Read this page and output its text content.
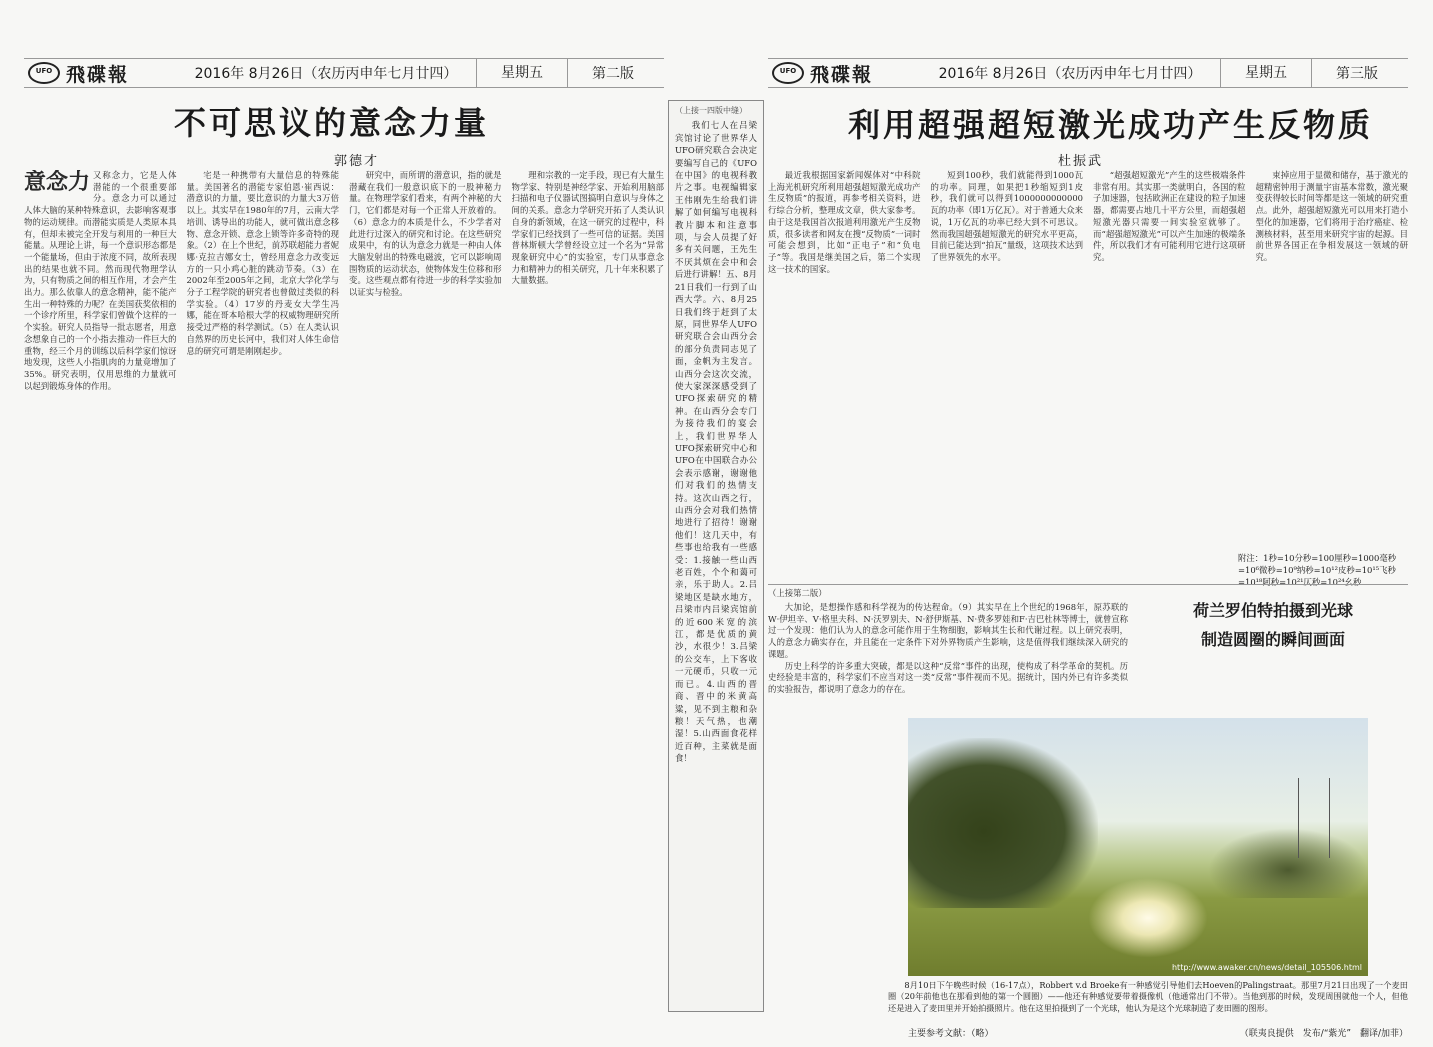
UFO 飛碟報	2016年 8月26日（农历丙申年七月廿四）	星期五	第二版
不可思议的意念力量
郭德才

意念力 又称念力，它是人体潜能的一个很重要部分。意念力可以通过人体大脑的某种特殊意识，去影响客观事物的运动规律。而潜能实质是人类原本具有，但却未被完全开发与利用的一种巨大能量。从理论上讲，每一个意识形态都是一个能量场，但由于浓度不同，故所表现出的结果也就不同。然而现代物理学认为，只有物质之间的相互作用，才会产生出力。那么依靠人的意念精神，能不能产生出一种特殊的力呢？在美国获奖依相的一个诊疗所里，科学家们曾做个这样的一个实验。研究人员指导一批志愿者，用意念想象自己的一个小指去推动一件巨大的重物，经三个月的训练以后科学家们惊讶地发现，这些人小指肌肉的力量竟增加了35%。研究表明，仅用思维的力量就可以起到锻炼身体的作用。

宅是一种携带有大量信息的特殊能量。美国著名的潜能专家伯恩·崔西说：潜意识的力量，要比意识的力量大3万倍以上。其实早在1980年的7月，云南大学培训、诱导出的功能人，就可做出意念移物、意念开锁、意念上锁等许多奇特的现象。（2）在上个世纪，前苏联超能力者妮娜·克拉吉娜女士，曾经用意念力改变远方的一只小鸡心脏的跳动节奏。（3）在2002年至2005年之间，北京大学化学与分子工程学院的研究者也曾做过类似的科学实验。（4）17岁的丹麦女大学生冯娜，能在哥本哈根大学的权威物理研究所接受过严格的科学测试。（5）在人类认识自然界的历史长河中，我们对人体生命信息的研究可谓是刚刚起步。

研究中，而所谓的潜意识，指的就是潜藏在我们一般意识底下的一股神秘力量。在物理学家们看来，有两个神秘的大门，它们都是对每一个正常人开放着的。（6）意念力的本质是什么，不少学者对此进行过深入的研究和讨论。在这些研究成果中，有的认为意念力就是一种由人体大脑发射出的特殊电磁波，它可以影响周围物质的运动状态，使物体发生位移和形变。这些观点都有待进一步的科学实验加以证实与检验。

理和宗教的一定手段，现已有大量生物学家、特别是神经学家、开始利用脑部扫描和电子仪器试图搞明白意识与身体之间的关系。意念力学研究开拓了人类认识自身的新领域，在这一研究的过程中，科学家们已经找到了一些可信的证据。美国普林斯顿大学曾经设立过一个名为“异常现象研究中心”的实验室，专门从事意念力和精神力的相关研究，几十年来积累了大量数据。

（上接一四版中缝）

我们七人在吕梁宾馆讨论了世界华人UFO研究联合会决定要编写自己的《UFO在中国》的电视科教片之事。电视编辑家王伟刚先生给我们讲解了如何编写电视科教片脚本和注意事项，与会人员提了好多有关问题，王先生不厌其烦在会中和会后进行讲解！五、8月21日我们一行到了山西大学。六、8月25日我们终于赶到了太原，同世界华人UFO研究联合会山西分会的部分负责同志见了面，金帆为主发言。山西分会这次交流，使大家深深感受到了UFO探索研究的精神。在山西分会专门为接待我们的宴会上，我们世界华人UFO探索研究中心和UFO在中国联合办公会表示感谢，谢谢他们对我们的热情支持。这次山西之行，山西分会对我们热情地进行了招待！谢谢他们！这几天中，有些事也给我有一些感受：1.接触一些山西老百姓，个个和蔼可亲，乐于助人。2.吕梁地区是缺水地方，吕梁市内吕梁宾馆前的近600米宽的滨江，都是优质的黄沙，水很少！3.吕梁的公交车，上下客收一元硬币，只收一元而已。4.山西的晋商、晋中的米黄高粱，见不到主粮和杂粮！天气热，也潮湿！5.山西面食花样近百种，主菜就是面食！

UFO 飛碟報	2016年 8月26日（农历丙申年七月廿四）	星期五	第三版
利用超强超短激光成功产生反物质
杜振武

最近我根据国家新闻媒体对“中科院上海光机研究所利用超强超短激光成功产生反物质”的报道，再参考相关资料，进行综合分析，整理成文章，供大家参考。由于这是我国首次报道利用激光产生反物质，很多读者和网友在搜“反物质”一词时可能会想到，比如“正电子”和“负电子”等。我国是继美国之后，第二个实现这一技术的国家。

短到100秒，我们就能得到1000瓦的功率。同理，如果把1秒缩短到1皮秒，我们就可以得到1000000000000瓦的功率（即1万亿瓦）。对于普通大众来说，1万亿瓦的功率已经大到不可思议。然而我国超强超短激光的研究水平更高，目前已能达到“拍瓦”量级，这项技术达到了世界领先的水平。

“超强超短激光”产生的这些极端条件非常有用。其实那一类就明白，各国的粒子加速器，包括欧洲正在建设的粒子加速器，都需要占地几十平方公里，而超强超短激光器只需要一间实验室就够了。而“超强超短激光”可以产生加速的极端条件，所以我们才有可能利用它进行这项研究。

束掉应用于显微和储存，基于激光的超精密钟用于测量宇宙基本常数，激光聚变获得较长时间等都是这一领域的研究重点。此外，超强超短激光可以用来打造小型化的加速器，它们将用于治疗癌症、检测核材料，甚至用来研究宇宙的起源。目前世界各国正在争相发展这一领域的研究。

附注：1秒=10分秒=100厘秒=1000毫秒=10⁶微秒=10⁹纳秒=10¹²皮秒=10¹⁵飞秒=10¹⁸阿秒=10²¹仄秒=10²⁴幺秒
（上接第二版）

大加论，是想操作感和科学视为的传达程命。（9）其实早在上个世纪的1968年，原苏联的W·伊坦辛、V·格里夫科、N·沃罗别夫、N·舒伊斯基、N·费多罗娃和F·吉巴杜林等博士，就曾宣称过一个发现：他们认为人的意念可能作用于生物细胞，影响其生长和代谢过程。以上研究表明，人的意念力确实存在，并且能在一定条件下对外界物质产生影响，这是值得我们继续深入研究的课题。

历史上科学的许多重大突破，都是以这种“反常”事件的出现，使构成了科学革命的契机。历史经验是丰富的，科学家们不应当对这一类“反常”事件视而不见。据统计，国内外已有许多类似的实验报告，都说明了意念力的存在。

荷兰罗伯特拍摄到光球
制造圆圈的瞬间画面
http://www.awaker.cn/news/detail_105506.html

8月10日下午晚些时候（16-17点），Robbert v.d Broeke有一种感觉引导他们去Hoeven的Palingstraat。那里7月21日出现了一个麦田圈（20年前他也在那看到他的第一个圆圈）——他还有种感觉要带着摄像机（他通常出门不带）。当他到那的时候，发现周围就他一个人，但他还是进入了麦田里并开始拍摄照片。他在这里拍摄到了一个光球，他认为是这个光球制造了麦田圈的图形。

主要参考文献：（略）	（联夷良提供　发布/“紫光”　翻译/加菲）
